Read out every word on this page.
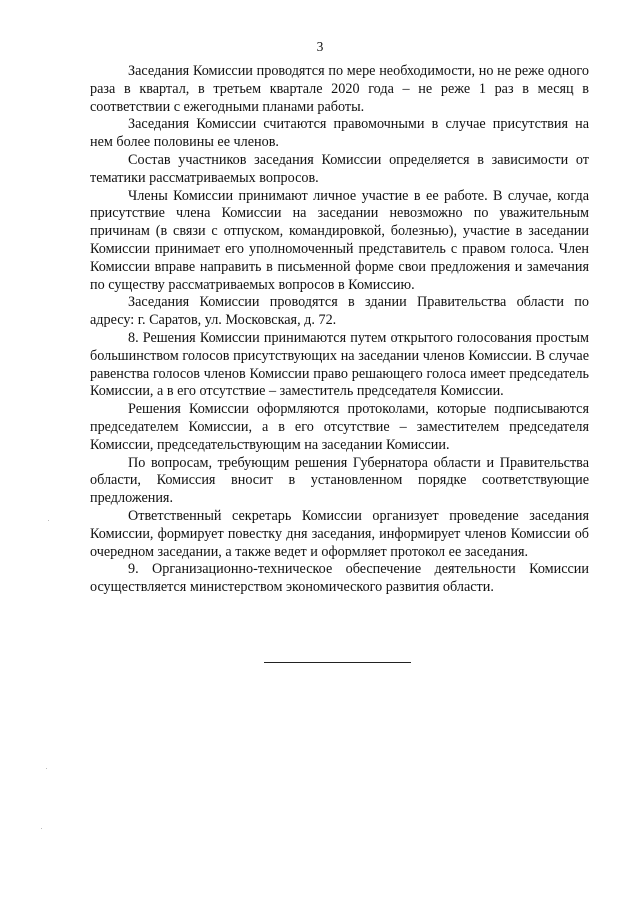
3

Заседания Комиссии проводятся по мере необходимости, но не реже одного раза в квартал, в третьем квартале 2020 года – не реже 1 раз в месяц в соответствии с ежегодными планами работы.

Заседания Комиссии считаются правомочными в случае присутствия на нем более половины ее членов.

Состав участников заседания Комиссии определяется в зависимости от тематики рассматриваемых вопросов.

Члены Комиссии принимают личное участие в ее работе. В случае, когда присутствие члена Комиссии на заседании невозможно по уважительным причинам (в связи с отпуском, командировкой, болезнью), участие в заседании Комиссии принимает его уполномоченный представитель с правом голоса. Член Комиссии вправе направить в письменной форме свои предложения и замечания по существу рассматриваемых вопросов в Комиссию.

Заседания Комиссии проводятся в здании Правительства области по адресу: г. Саратов, ул. Московская, д. 72.

8. Решения Комиссии принимаются путем открытого голосования простым большинством голосов присутствующих на заседании членов Комиссии. В случае равенства голосов членов Комиссии право решающего голоса имеет председатель Комиссии, а в его отсутствие – заместитель председателя Комиссии.

Решения Комиссии оформляются протоколами, которые подписываются председателем Комиссии, а в его отсутствие – заместителем председателя Комиссии, председательствующим на заседании Комиссии.

По вопросам, требующим решения Губернатора области и Правительства области, Комиссия вносит в установленном порядке соответствующие предложения.

Ответственный секретарь Комиссии организует проведение заседания Комиссии, формирует повестку дня заседания, информирует членов Комиссии об очередном заседании, а также ведет и оформляет протокол ее заседания.

9. Организационно-техническое обеспечение деятельности Комиссии осуществляется министерством экономического развития области.
